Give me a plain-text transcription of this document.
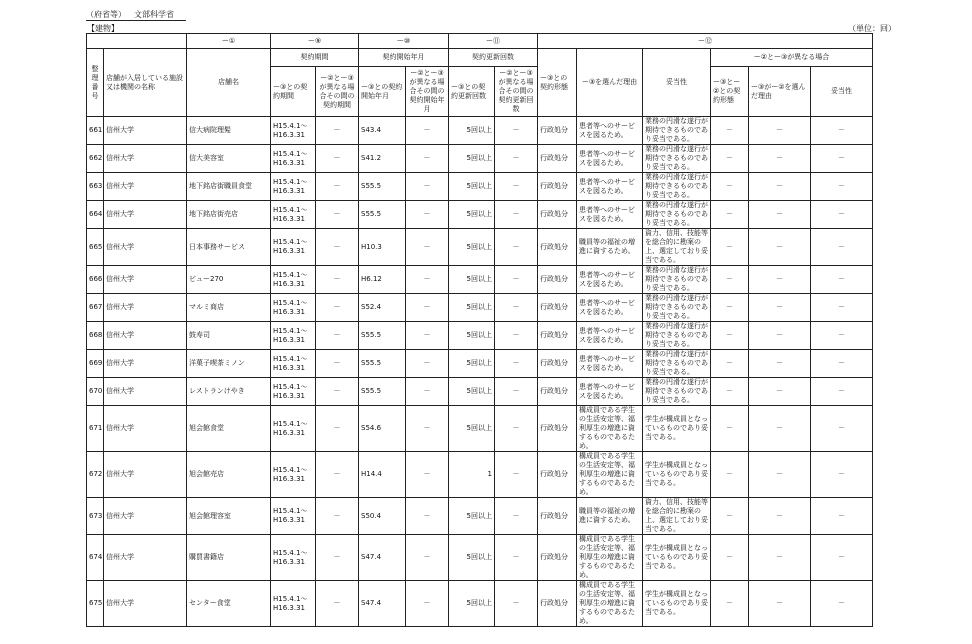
（府省等） 文部科学省
【建物】	（単位：回）
		ー①	ー⑨		ー⑩		ー⑪		ー⑫					
整理番号	店舗が入居している施設又は機関の名称	店舗名	契約期間		契約開始年月		契約更新回数		ー③との契約形態	ー③を選んだ理由	妥当性	ー②とー③が異なる場合		
			ー③との契約期間	ー②とー③が異なる場合その間の契約期間	ー③との契約開始年月	ー②とー③が異なる場合その間の契約開始年月	ー③との契約更新回数	ー②とー③が異なる場合その間の契約更新回数				ー③とー②との契約形態	ー③がー②を選んだ理由	妥当性
661	信州大学	信大病院理髪	H15.4.1～H16.3.31	－	S43.4	－	5回以上	－	行政処分	患者等へのサービスを図るため。	業務の円滑な遂行が期待できるものであり妥当である。	－	－	－
662	信州大学	信大美容室	H15.4.1～H16.3.31	－	S41.2	－	5回以上	－	行政処分	患者等へのサービスを図るため。	業務の円滑な遂行が期待できるものであり妥当である。	－	－	－
663	信州大学	地下銘店街職員食堂	H15.4.1～H16.3.31	－	S55.5	－	5回以上	－	行政処分	患者等へのサービスを図るため。	業務の円滑な遂行が期待できるものであり妥当である。	－	－	－
664	信州大学	地下銘店街売店	H15.4.1～H16.3.31	－	S55.5	－	5回以上	－	行政処分	患者等へのサービスを図るため。	業務の円滑な遂行が期待できるものであり妥当である。	－	－	－
665	信州大学	日本事務サービス	H15.4.1～H16.3.31	－	H10.3	－	5回以上	－	行政処分	職員等の福祉の増進に資するため。	資力、信用、技能等を総合的に勘案の上、選定しており妥当である。	－	－	－
666	信州大学	ビュー270	H15.4.1～H16.3.31	－	H6.12	－	5回以上	－	行政処分	患者等へのサービスを図るため。	業務の円滑な遂行が期待できるものであり妥当である。	－	－	－
667	信州大学	マルミ商店	H15.4.1～H16.3.31	－	S52.4	－	5回以上	－	行政処分	患者等へのサービスを図るため。	業務の円滑な遂行が期待できるものであり妥当である。	－	－	－
668	信州大学	鼓寿司	H15.4.1～H16.3.31	－	S55.5	－	5回以上	－	行政処分	患者等へのサービスを図るため。	業務の円滑な遂行が期待できるものであり妥当である。	－	－	－
669	信州大学	洋菓子喫茶ミノン	H15.4.1～H16.3.31	－	S55.5	－	5回以上	－	行政処分	患者等へのサービスを図るため。	業務の円滑な遂行が期待できるものであり妥当である。	－	－	－
670	信州大学	レストランけやき	H15.4.1～H16.3.31	－	S55.5	－	5回以上	－	行政処分	患者等へのサービスを図るため。	業務の円滑な遂行が期待できるものであり妥当である。	－	－	－
671	信州大学	旭会館食堂	H15.4.1～H16.3.31	－	S54.6	－	5回以上	－	行政処分	構成員である学生の生活安定等、福利厚生の増進に資するものであるため。	学生が構成員となっているものであり妥当である。	－	－	－
672	信州大学	旭会館売店	H15.4.1～H16.3.31	－	H14.4	－	1	－	行政処分	構成員である学生の生活安定等、福利厚生の増進に資するものであるため。	学生が構成員となっているものであり妥当である。	－	－	－
673	信州大学	旭会館理容室	H15.4.1～H16.3.31	－	S50.4	－	5回以上	－	行政処分	職員等の福祉の増進に資するため。	資力、信用、技能等を総合的に勘案の上、選定しており妥当である。	－	－	－
674	信州大学	購買書籍店	H15.4.1～H16.3.31	－	S47.4	－	5回以上	－	行政処分	構成員である学生の生活安定等、福利厚生の増進に資するものであるため。	学生が構成員となっているものであり妥当である。	－	－	－
675	信州大学	センター食堂	H15.4.1～H16.3.31	－	S47.4	－	5回以上	－	行政処分	構成員である学生の生活安定等、福利厚生の増進に資するものであるため。	学生が構成員となっているものであり妥当である。	－	－	－
